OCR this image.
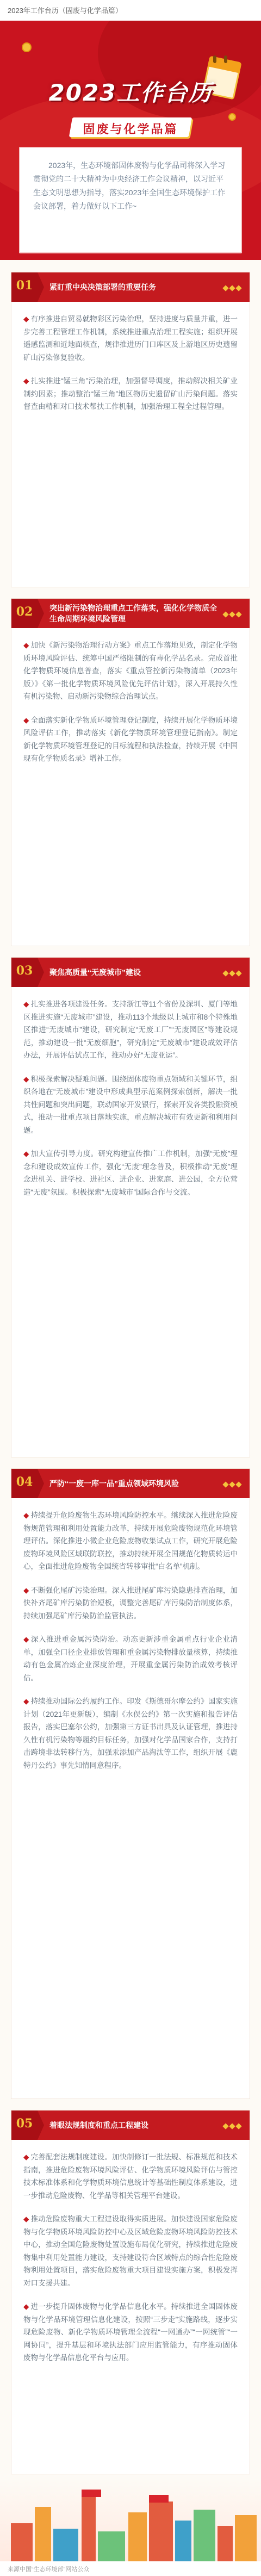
2023年工作台历（固废与化学品篇）
2023工作台历
固废与化学品篇

2023年，生态环境部固体废物与化学品司将深入学习贯彻党的二十大精神为中央经济工作会议精神，以习近平生态文明思想为指导，落实2023年全国生态环境保护工作会议部署，着力做好以下工作~

01	紧盯重中央决策部署的重要任务
◆ 有序推进自贸易就物彩区污染治理，坚持进度与质量并重，进一步完善工程管理工作机制，系统推进重点治理工程实施；组织开展遥感监测和近地面核查，规律推进历门口库区及上游地区历史遗留矿山污染修复验收。
◆ 扎实推进“锰三角”污染治理，加强督导调度，推动解决相关矿业制约因素；推动整治“锰三角”地区物历史遗留矿山污染问题。落实督查由精和对口技术帮扶工作机制，加强治理工程全过程管理。
02	突出新污染物治理重点工作落实，强化化学物质全生命周期环境风险管理
◆ 加快《新污染物治理行动方案》重点工作落地见效，制定化学物质环境风险评估、统筹中国严格限制的有毒化学品名录。完成首批化学物质环境信息普查，落实《重点管控新污染物清单（2023年版）》《第一批化学物质环境风险优先评估计划》，深入开展持久性有机污染物、启动新污染物综合治理试点。
◆ 全面落实新化学物质环境管理登记制度，持续开展化学物质环境风险评估工作，推动落实《新化学物质环境管理登记指南》。制定新化学物质环境管理登记的目标流程和执法检查，持续开展《中国现有化学物质名录》增补工作。
03	聚焦高质量“无废城市”建设
◆ 扎实推进各项建设任务。支持浙江等11个省份及深圳、厦门等地区推进实施“无废城市”建设，推动113个地级以上城市和8个特殊地区推进“无废城市”建设，研究制定“无废工厂”“无废园区”等建设规范，推动建设一批“无废细胞”，研究制定“无废城市”建设成效评估办法，开展评估试点工作，推动办好“无废亚运”。
◆ 积极探索解决疑难问题。围绕固体废物重点领域和关键环节，组织各地在“无废城市”建设中形成典型示范案例探索创新，解决一批共性问题和突出问题，联动国家开发银行，探索开发各类投融资模式，推动一批重点项目落地实施，重点解决城市有效更新和利用问题。
◆ 加大宣传引导力度。研究构建宣传推广工作机制，加强“无废”理念和建设成效宣传工作，强化“无废”理念普及，积极推动“无废”理念进机关、进学校、进社区、进企业、进家庭、进公园，全方位营造“无废”氛围。积极探索“无废城市”国际合作与交流。
04	严防“一废一库一品”重点领域环境风险
◆ 持续提升危险废物生态环境风险防控水平。继续深入推进危险废物规范管理和利用处置能力改革，持续开展危险废物规范化环境管理评估。深化推进小微企业危险废物收集试点工作，研究开展危险废物环境风险区域联防联控，推动持续开展全国规范化物质转运中心，全面推进危险废物全国统省转移审批“白名单”机制。
◆ 不断强化尾矿污染治理。深入推进尾矿库污染隐患排查治理，加快补齐尾矿库污染防治短板，调整完善尾矿库污染防治制度体系，持续加强尾矿库污染防治监管执法。
◆ 深入推进重金属污染防治。动态更新涉重金属重点行业企业清单，加强全口径企业排放管理和重金属污染物排放量核算，持续推动有色金属冶炼企业深度治理，开展重金属污染防治成效考核评估。
◆ 持续推动国际公约履约工作。印发《斯德哥尔摩公约》国家实施计划（2021年更新版），编制《水俣公约》第一次实施和报告评估报告，落实巴塞尔公约，加强第三方证书出具及认证管理，推进持久性有机污染物等履约目标任务，加强对化学品国家合作，支持打击跨境非法转移行为，加强汞添加产品淘汰等工作，组织开展《鹿特丹公约》事先知情同意程序。
05	着眼法规制度和重点工程建设
◆ 完善配套法规制度建设。加快制修订一批法规、标准规范和技术指南，推进危险废物环境风险评估、化学物质环境风险评估与管控技术标准体系和化学物质环境信息统计等基础性制度体系建设，进一步推动危险废物、化学品等相关管理平台建设。
◆ 推动危险废物重大工程建设取得实质进展。加快建设国家危险废物与化学物质环境风险防控中心及区域危险废物环境风险防控技术中心，推动全国危险废物处置设施布局优化研究，持续推进危险废物集中利用处置能力建设，支持建设符合区域特点的综合性危险废物利用处置项目，落实危险废物重大项目建设实施方案，积极发挥对口支援共建。
◆ 进一步提升固体废物与化学品信息化水平。持续推进全国固体废物与化学品环境管理信息化建设，按照“三步走”实施路线，逐步实现危险废物、新化学物质环境管理全流程“一网通办”“一网统管”“一网协同”，提升基层和环境执法部门应用监管能力，有序推动固体废物与化学品信息化平台与应用。
来源中国“生态环境部”网站公众
